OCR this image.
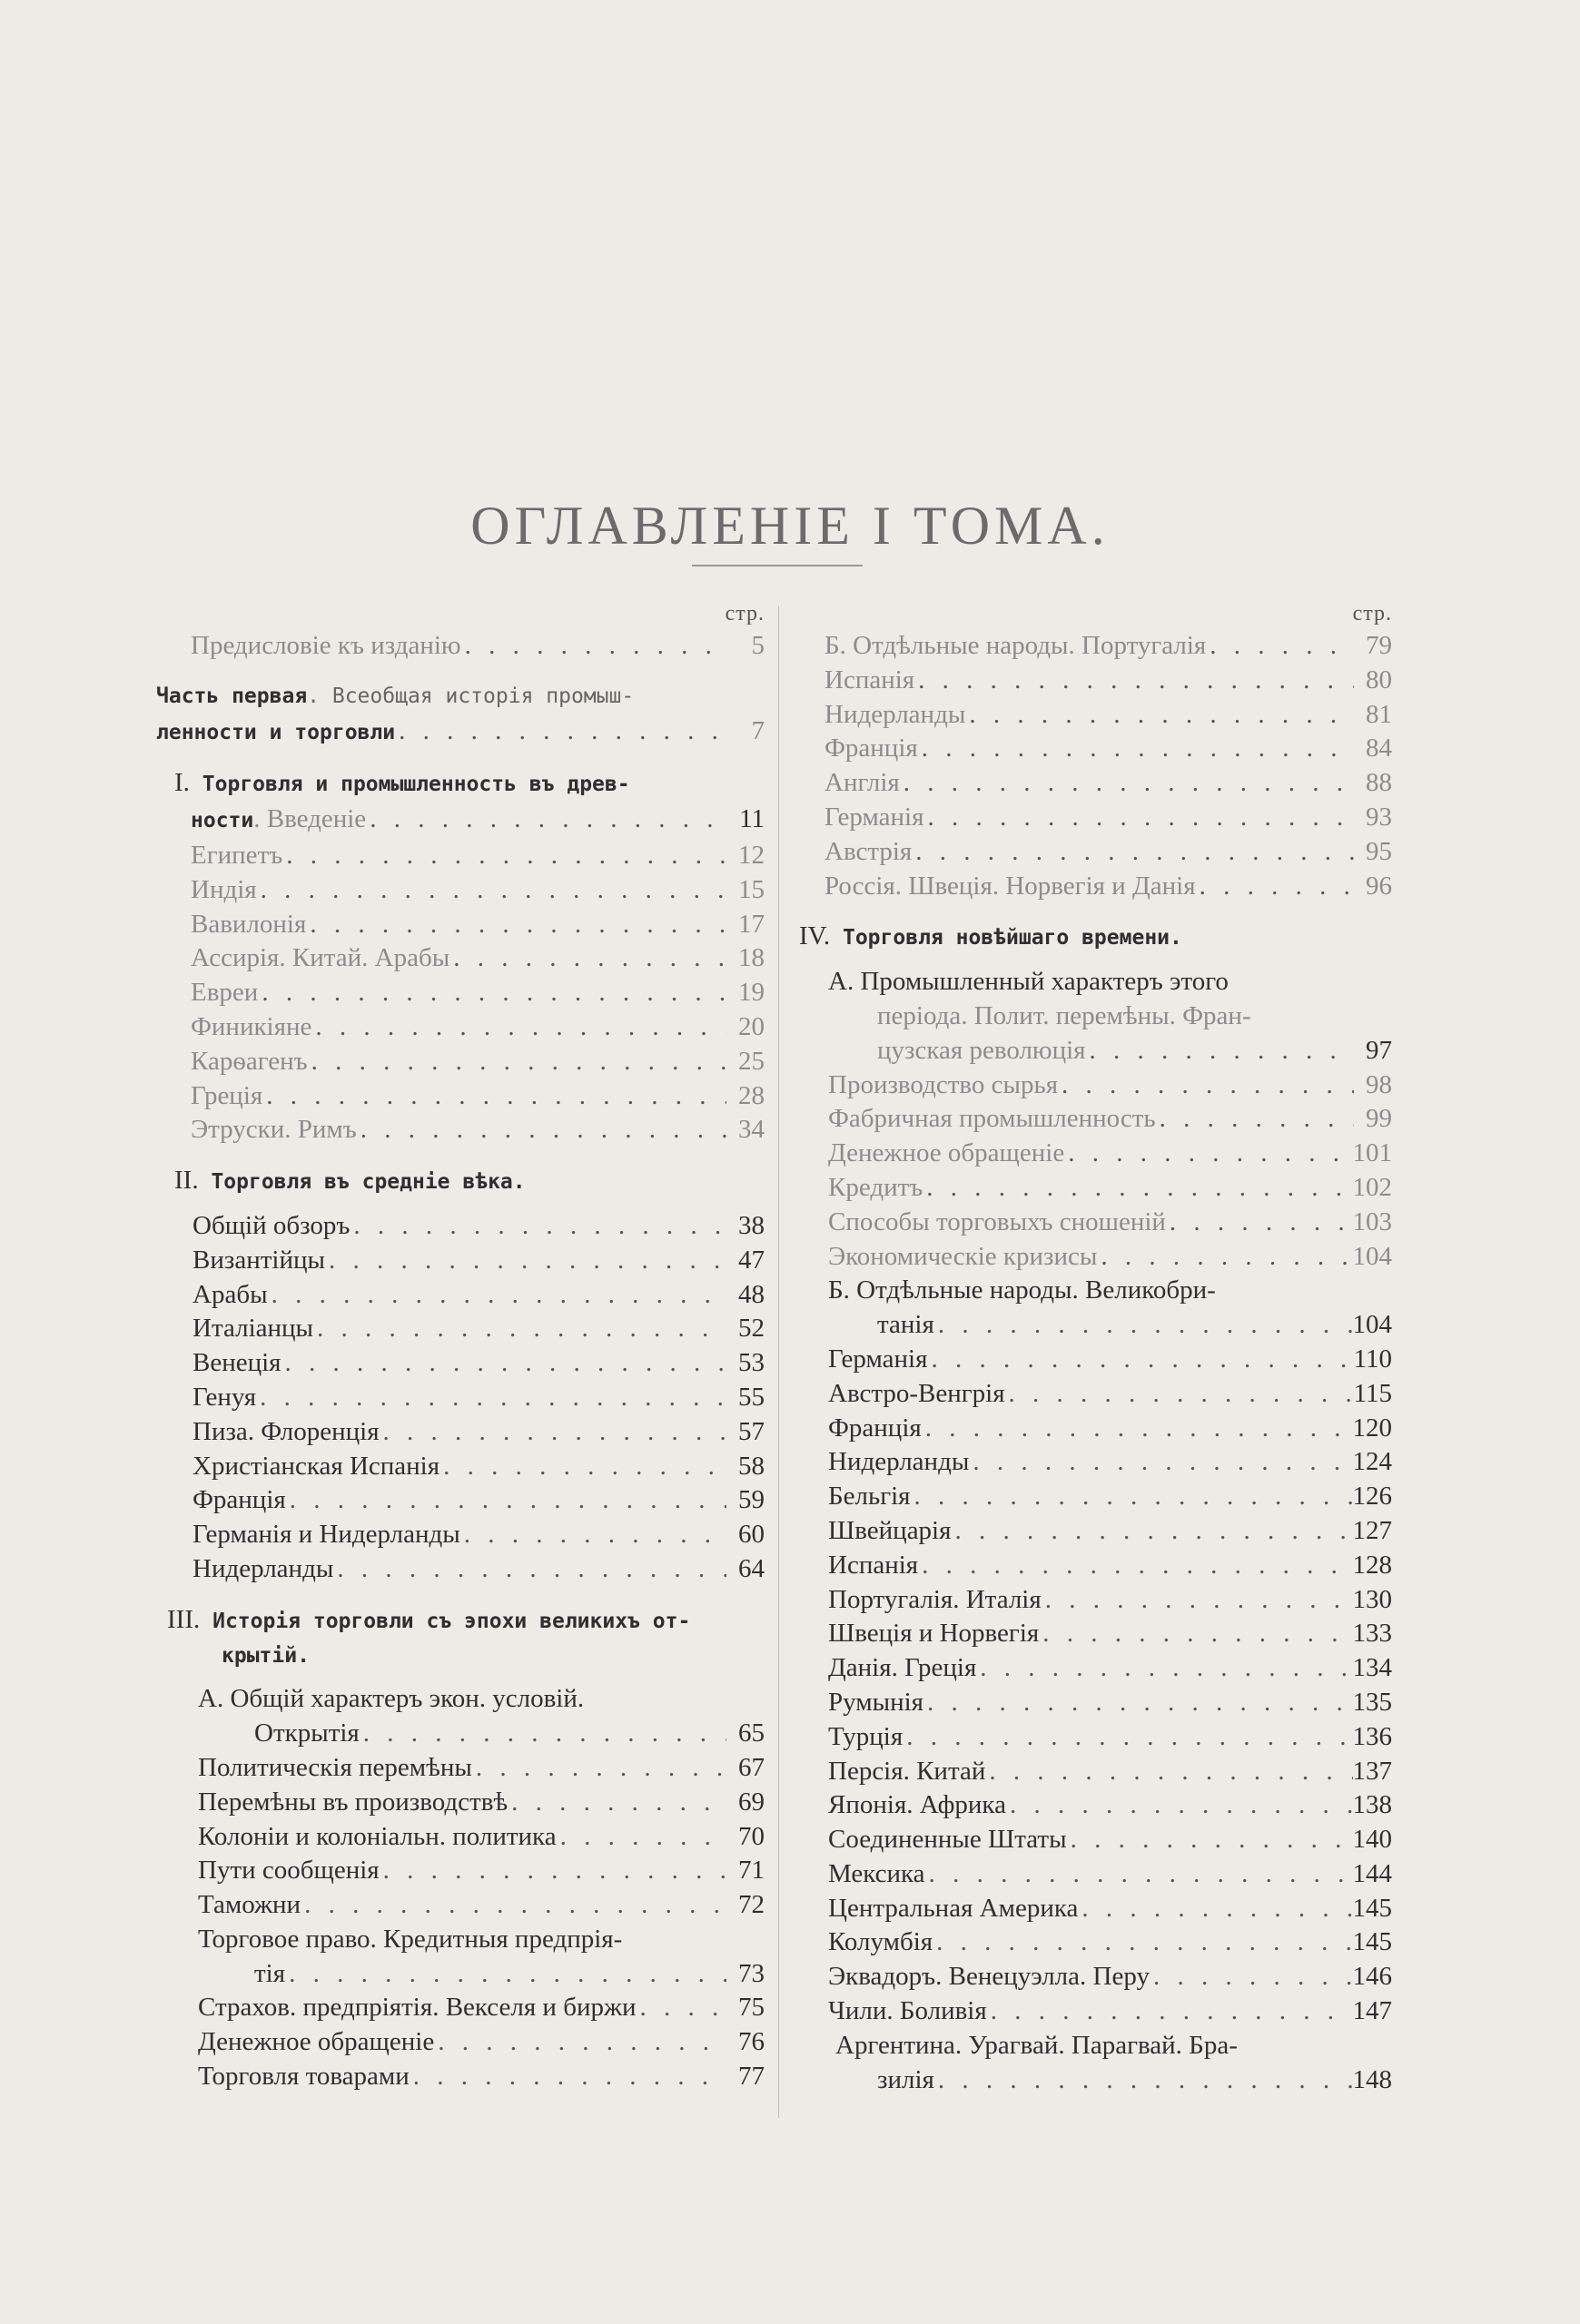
ОГЛАВЛЕНІЕ I ТОМА.
стр.
Предисловіе къ изданію . . .	5
Часть первая. Всеобщая исторія промыш-
ленности и торговли . . .	7
I. Торговля и промышленность въ древ-
ности. Введеніе . . .	11
Египетъ . . .	12
Индія . . .	15
Вавилонія . . .	17
Ассирія. Китай. Арабы . . .	18
Евреи . . .	19
Финикіяне . . .	20
Карѳагенъ . . .	25
Греція . . .	28
Этруски. Римъ . . .	34
II. Торговля въ средніе вѣка.
Общій обзоръ . . .	38
Византійцы . . .	47
Арабы . . .	48
Италіанцы . . .	52
Венеція . . .	53
Генуя . . .	55
Пиза. Флоренція . . .	57
Христіанская Испанія . . .	58
Франція . . .	59
Германія и Нидерланды . . .	60
Нидерланды . . .	64
III. Исторія торговли съ эпохи великихъ от-
крытій.
А. Общій характеръ экон. условій.
Открытія . . .	65
Политическія перемѣны . . .	67
Перемѣны въ производствѣ . . .	69
Колоніи и колоніальн. политика . . .	70
Пути сообщенія . . .	71
Таможни . . .	72
Торговое право. Кредитныя предпрія-
тія . . .	73
Страхов. предпріятія. Векселя и биржи . . .	75
Денежное обращеніе . . .	76
Торговля товарами . . .	77
стр.
Б. Отдѣльные народы. Португалія . . .	79
Испанія . . .	80
Нидерланды . . .	81
Франція . . .	84
Англія . . .	88
Германія . . .	93
Австрія . . .	95
Россія. Швеція. Норвегія и Данія . . .	96
IV. Торговля новѣйшаго времени.
А. Промышленный характеръ этого
періода. Полит. перемѣны. Фран-
цузская революція . . .	97
Производство сырья . . .	98
Фабричная промышленность . . .	99
Денежное обращеніе . . .	101
Кредитъ . . .	102
Способы торговыхъ сношеній . . .	103
Экономическіе кризисы . . .	104
Б. Отдѣльные народы. Великобри-
танія . . .	104
Германія . . .	110
Австро-Венгрія . . .	115
Франція . . .	120
Нидерланды . . .	124
Бельгія . . .	126
Швейцарія . . .	127
Испанія . . .	128
Португалія. Италія . . .	130
Швеція и Норвегія . . .	133
Данія. Греція . . .	134
Румынія . . .	135
Турція . . .	136
Персія. Китай . . .	137
Японія. Африка . . .	138
Соединенные Штаты . . .	140
Мексика . . .	144
Центральная Америка . . .	145
Колумбія . . .	145
Эквадоръ. Венецуэлла. Перу . . .	146
Чили. Боливія . . .	147
Аргентина. Урагвай. Парагвай. Бра-
зилія . . .	148
